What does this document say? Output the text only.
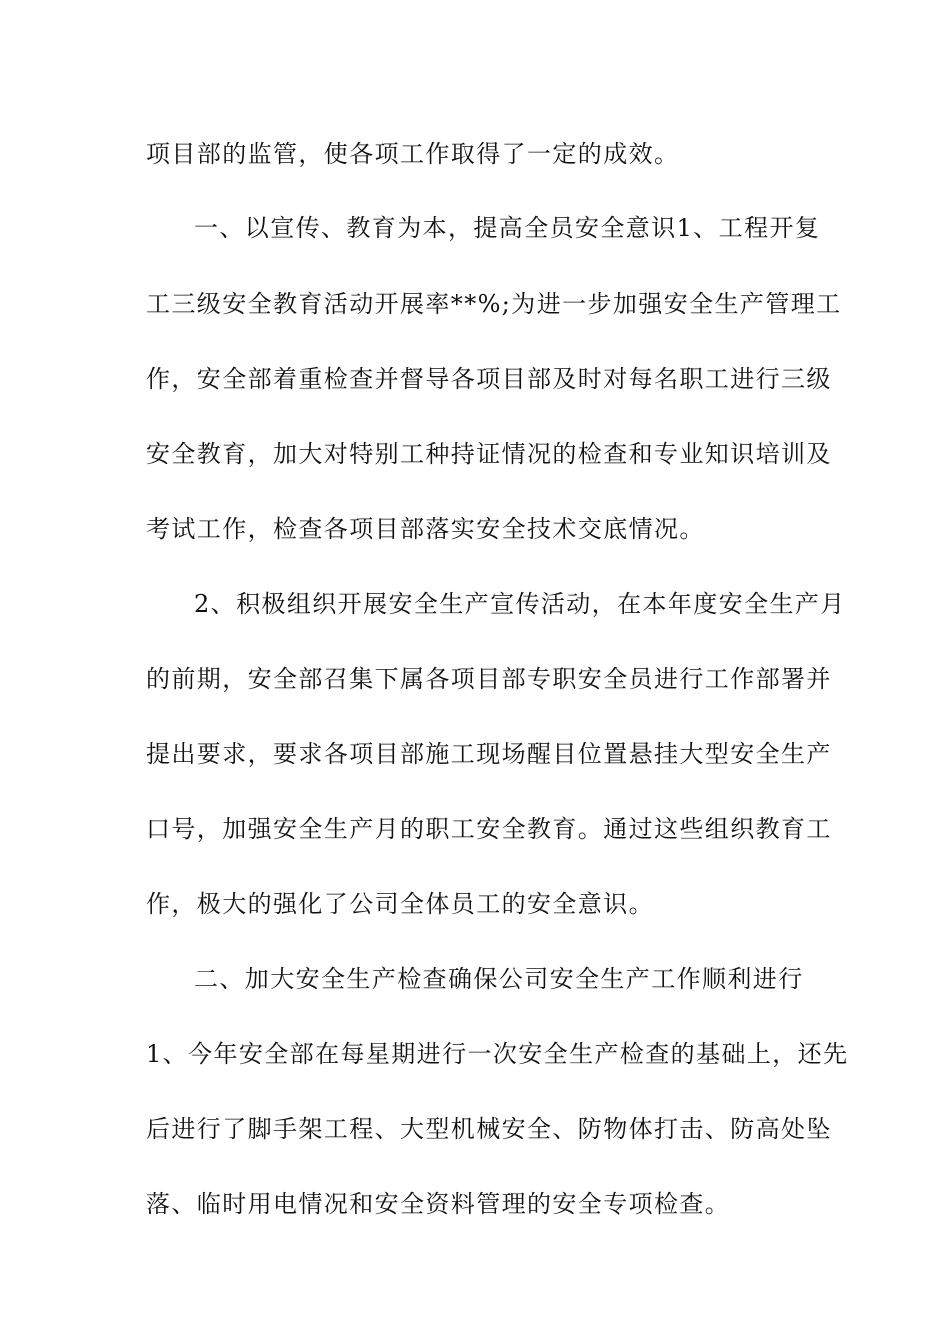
项目部的监管，使各项工作取得了一定的成效。
一、以宣传、教育为本，提高全员安全意识1、工程开复
工三级安全教育活动开展率**%;为进一步加强安全生产管理工
作，安全部着重检查并督导各项目部及时对每名职工进行三级
安全教育，加大对特别工种持证情况的检查和专业知识培训及
考试工作，检查各项目部落实安全技术交底情况。
2、积极组织开展安全生产宣传活动，在本年度安全生产月
的前期，安全部召集下属各项目部专职安全员进行工作部署并
提出要求，要求各项目部施工现场醒目位置悬挂大型安全生产
口号，加强安全生产月的职工安全教育。通过这些组织教育工
作，极大的强化了公司全体员工的安全意识。
二、加大安全生产检查确保公司安全生产工作顺利进行
1、今年安全部在每星期进行一次安全生产检查的基础上，还先
后进行了脚手架工程、大型机械安全、防物体打击、防高处坠
落、临时用电情况和安全资料管理的安全专项检查。
